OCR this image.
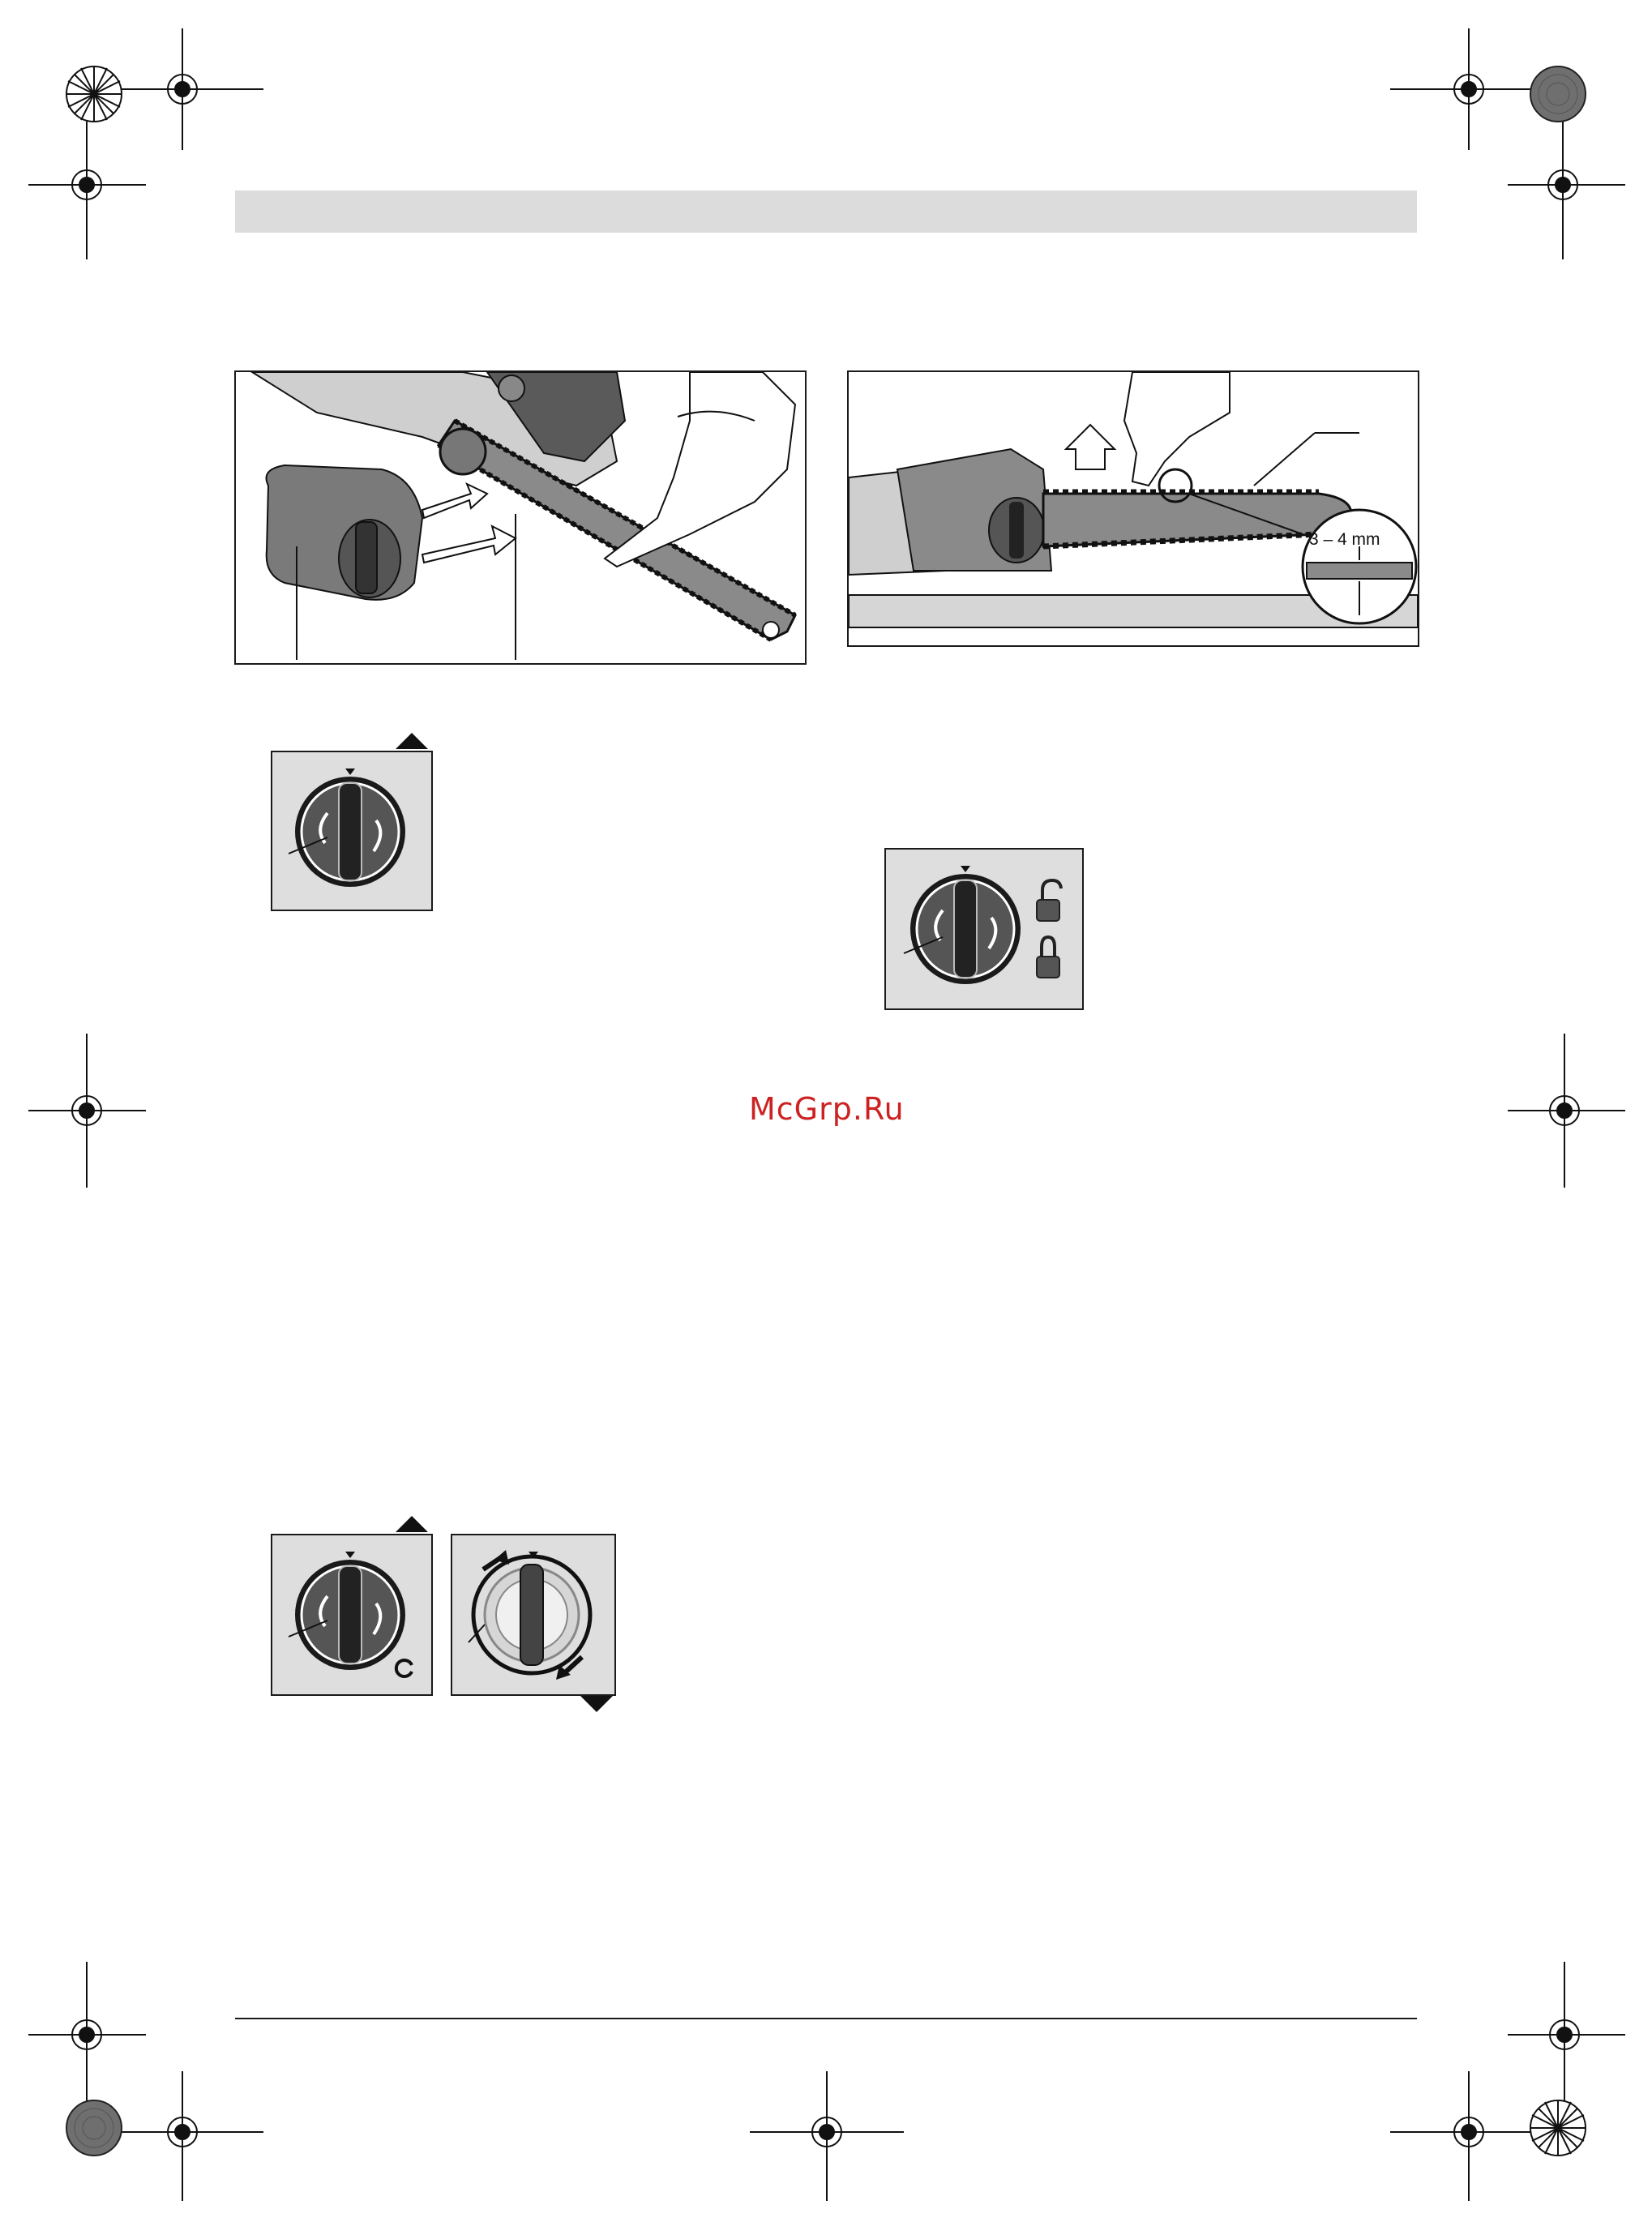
3 – 4 mm
McGrp.Ru
